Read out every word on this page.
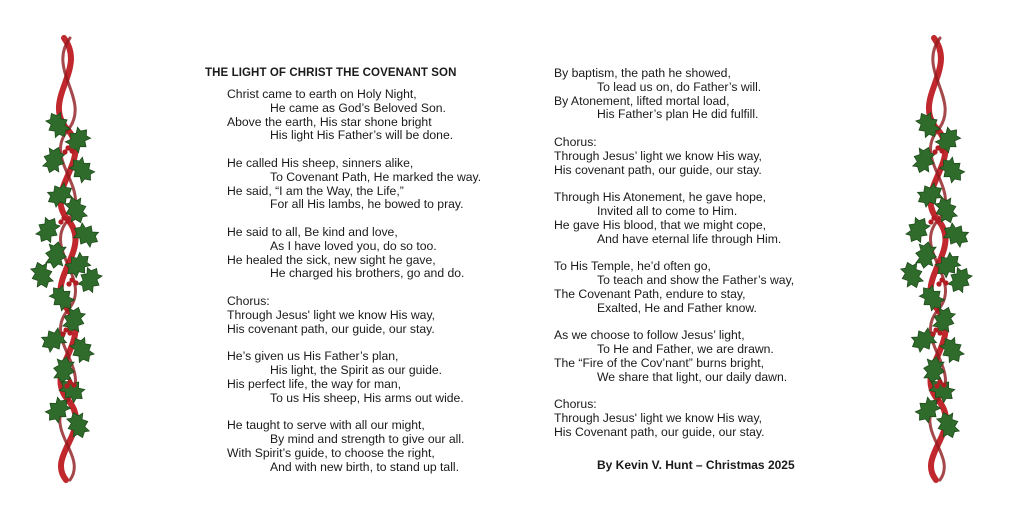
THE LIGHT OF CHRIST THE COVENANT SON
Christ came to earth on Holy Night,
He came as God’s Beloved Son.
Above the earth, His star shone bright
His light His Father’s will be done.
He called His sheep, sinners alike,
To Covenant Path, He marked the way.
He said, “I am the Way, the Life,”
For all His lambs, he bowed to pray.
He said to all, Be kind and love,
As I have loved you, do so too.
He healed the sick, new sight he gave,
He charged his brothers, go and do.
Chorus:
Through Jesus' light we know His way,
His covenant path, our guide, our stay.
He’s given us His Father’s plan,
His light, the Spirit as our guide.
His perfect life, the way for man,
To us His sheep, His arms out wide.
He taught to serve with all our might,
By mind and strength to give our all.
With Spirit’s guide, to choose the right,
And with new birth, to stand up tall.
By baptism, the path he showed,
To lead us on, do Father’s will.
By Atonement, lifted mortal load,
His Father’s plan He did fulfill.
Chorus:
Through Jesus’ light we know His way,
His covenant path, our guide, our stay.
Through His Atonement, he gave hope,
Invited all to come to Him.
He gave His blood, that we might cope,
And have eternal life through Him.
To His Temple, he’d often go,
To teach and show the Father’s way,
The Covenant Path, endure to stay,
Exalted, He and Father know.
As we choose to follow Jesus’ light,
To He and Father, we are drawn.
The “Fire of the Cov’nant” burns bright,
We share that light, our daily dawn.
Chorus:
Through Jesus' light we know His way,
His Covenant path, our guide, our stay.
By Kevin V. Hunt – Christmas 2025
